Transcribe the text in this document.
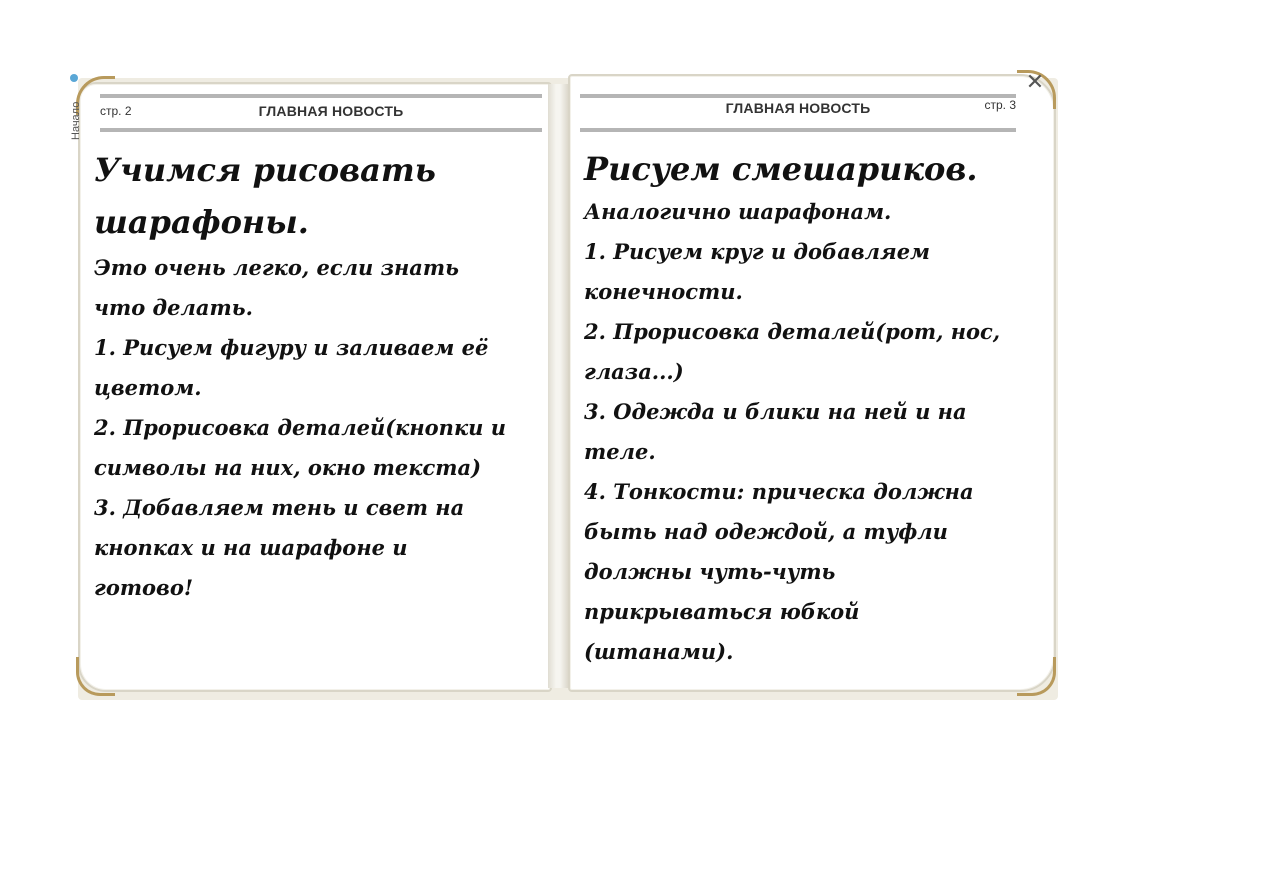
Начало
✕
стр. 2	ГЛАВНАЯ НОВОСТЬ	ГЛАВНАЯ НОВОСТЬ	стр. 3

Учимся рисовать

шарафоны.

Это очень легко, если знать

что делать.

1. Рисуем фигуру и заливаем её

цветом.

2. Прорисовка деталей(кнопки и

символы на них, окно текста)

3. Добавляем тень и свет на

кнопках и на шарафоне и

готово!

Рисуем смешариков.

Аналогично шарафонам.

1. Рисуем круг и добавляем

конечности.

2. Прорисовка деталей(рот, нос,

глаза...)

3. Одежда и блики на ней и на

теле.

4. Тонкости: прическа должна

быть над одеждой, а туфли

должны чуть-чуть

прикрываться юбкой

(штанами).
